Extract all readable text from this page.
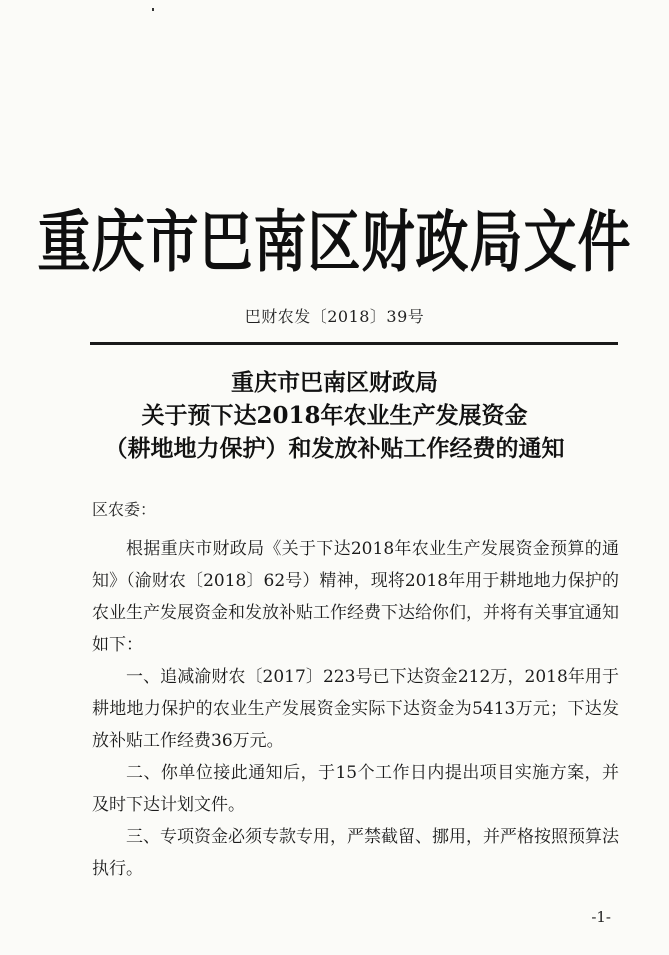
重庆市巴南区财政局文件
巴财农发〔2018〕39号
重庆市巴南区财政局
关于预下达2018年农业生产发展资金
（耕地地力保护）和发放补贴工作经费的通知
区农委：

根据重庆市财政局《关于下达2018年农业生产发展资金预算的通知》（渝财农〔2018〕62号）精神，现将2018年用于耕地地力保护的农业生产发展资金和发放补贴工作经费下达给你们，并将有关事宜通知如下：

一、追减渝财农〔2017〕223号已下达资金212万，2018年用于耕地地力保护的农业生产发展资金实际下达资金为5413万元；下达发放补贴工作经费36万元。

二、你单位接此通知后，于15个工作日内提出项目实施方案，并及时下达计划文件。

三、专项资金必须专款专用，严禁截留、挪用，并严格按照预算法执行。

-1-
